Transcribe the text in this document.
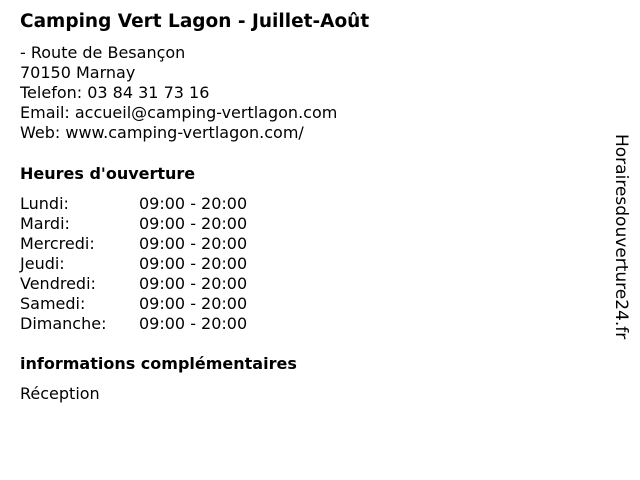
Camping Vert Lagon - Juillet-Août
- Route de Besançon
70150 Marnay
Telefon: 03 84 31 73 16
Email: accueil@camping-vertlagon.com
Web: www.camping-vertlagon.com/
Heures d'ouverture
Lundi:	09:00 - 20:00
Mardi:	09:00 - 20:00
Mercredi:	09:00 - 20:00
Jeudi:	09:00 - 20:00
Vendredi:	09:00 - 20:00
Samedi:	09:00 - 20:00
Dimanche:	09:00 - 20:00
informations complémentaires
Réception
Horairesdouverture24.fr
